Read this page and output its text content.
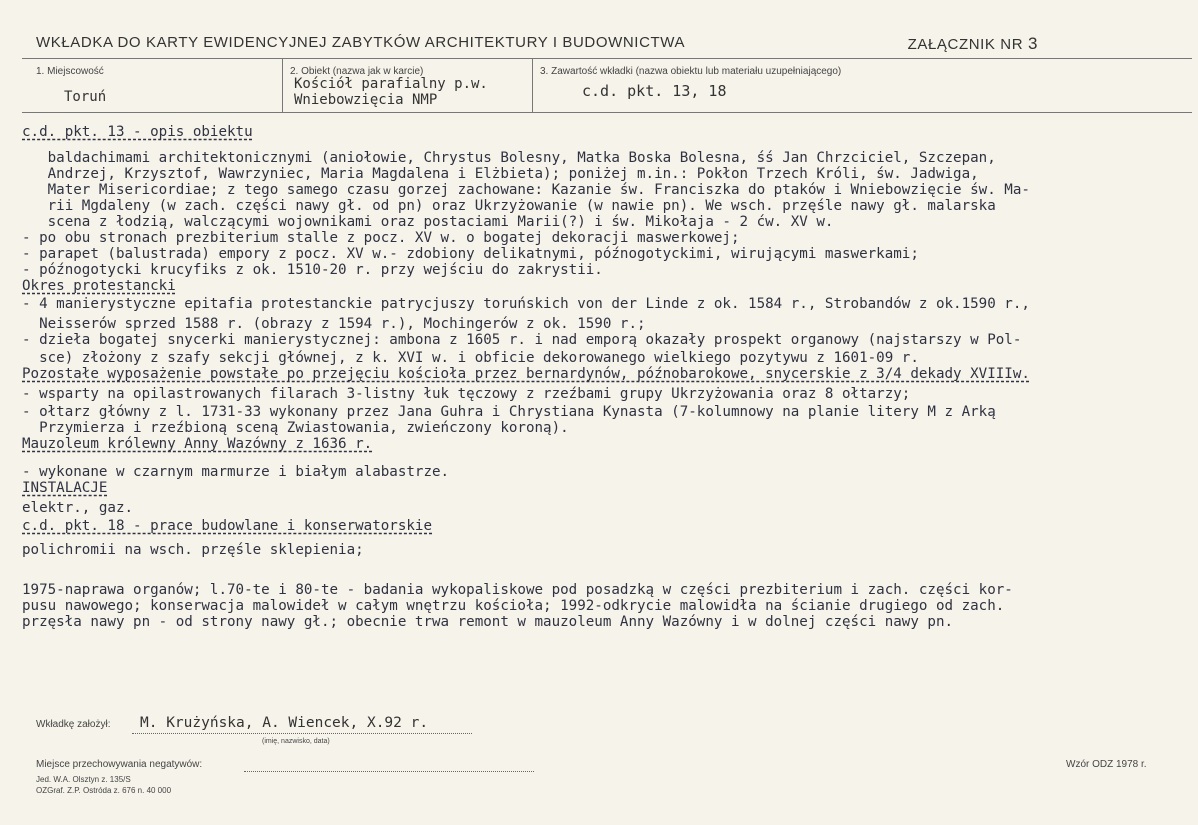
WKŁADKA DO KARTY EWIDENCYJNEJ ZABYTKÓW ARCHITEKTURY I BUDOWNICTWA	ZAŁĄCZNIK NR 3
1. Miejscowość
Toruń
2. Obiekt (nazwa jak w karcie)
Kościół parafialny p.w.
Wniebowzięcia NMP
3. Zawartość wkładki (nazwa obiektu lub materiału uzupełniającego)
c.d. pkt. 13, 18
c.d. pkt. 13 - opis obiektu
baldachimami architektonicznymi (aniołowie, Chrystus Bolesny, Matka Boska Bolesna, śś Jan Chrzciciel, Szczepan,
Andrzej, Krzysztof, Wawrzyniec, Maria Magdalena i Elżbieta); poniżej m.in.: Pokłon Trzech Króli, św. Jadwiga,
Mater Misericordiae; z tego samego czasu gorzej zachowane: Kazanie św. Franciszka do ptaków i Wniebowzięcie św. Ma-
rii Mgdaleny (w zach. części nawy gł. od pn) oraz Ukrzyżowanie (w nawie pn). We wsch. przęśle nawy gł. malarska
scena z łodzią, walczącymi wojownikami oraz postaciami Marii(?) i św. Mikołaja - 2 ćw. XV w.
- po obu stronach prezbiterium stalle z pocz. XV w. o bogatej dekoracji maswerkowej;
- parapet (balustrada) empory z pocz. XV w.- zdobiony delikatnymi, późnogotyckimi, wirującymi maswerkami;
- późnogotycki krucyfiks z ok. 1510-20 r. przy wejściu do zakrystii.
Okres protestancki
- 4 manierystyczne epitafia protestanckie patrycjuszy toruńskich von der Linde z ok. 1584 r., Strobandów z ok.1590 r.,
Neisserów sprzed 1588 r. (obrazy z 1594 r.), Mochingerów z ok. 1590 r.;
- dzieła bogatej snycerki manierystycznej: ambona z 1605 r. i nad emporą okazały prospekt organowy (najstarszy w Pol-
sce) złożony z szafy sekcji głównej, z k. XVI w. i obficie dekorowanego wielkiego pozytywu z 1601-09 r.
Pozostałe wyposażenie powstałe po przejęciu kościoła przez bernardynów, późnobarokowe, snycerskie z 3/4 dekady XVIIIw.
- wsparty na opilastrowanych filarach 3-listny łuk tęczowy z rzeźbami grupy Ukrzyżowania oraz 8 ołtarzy;
- ołtarz główny z l. 1731-33 wykonany przez Jana Guhra i Chrystiana Kynasta (7-kolumnowy na planie litery M z Arką
Przymierza i rzeźbioną sceną Zwiastowania, zwieńczony koroną).
Mauzoleum królewny Anny Wazówny z 1636 r.
- wykonane w czarnym marmurze i białym alabastrze.
INSTALACJE
elektr., gaz.
c.d. pkt. 18 - prace budowlane i konserwatorskie
polichromii na wsch. przęśle sklepienia;
1975-naprawa organów; l.70-te i 80-te - badania wykopaliskowe pod posadzką w części prezbiterium i zach. części kor-
pusu nawowego; konserwacja malowideł w całym wnętrzu kościoła; 1992-odkrycie malowidła na ścianie drugiego od zach.
przęsła nawy pn - od strony nawy gł.; obecnie trwa remont w mauzoleum Anny Wazówny i w dolnej części nawy pn.
Wkładkę założył: M. Krużyńska, A. Wiencek, X.92 r.
(imię, nazwisko, data)
Miejsce przechowywania negatywów:
Jed. W.A. Olsztyn z. 135/S
OZGraf. Z.P. Ostróda z. 676 n. 40 000
Wzór ODZ 1978 r.
